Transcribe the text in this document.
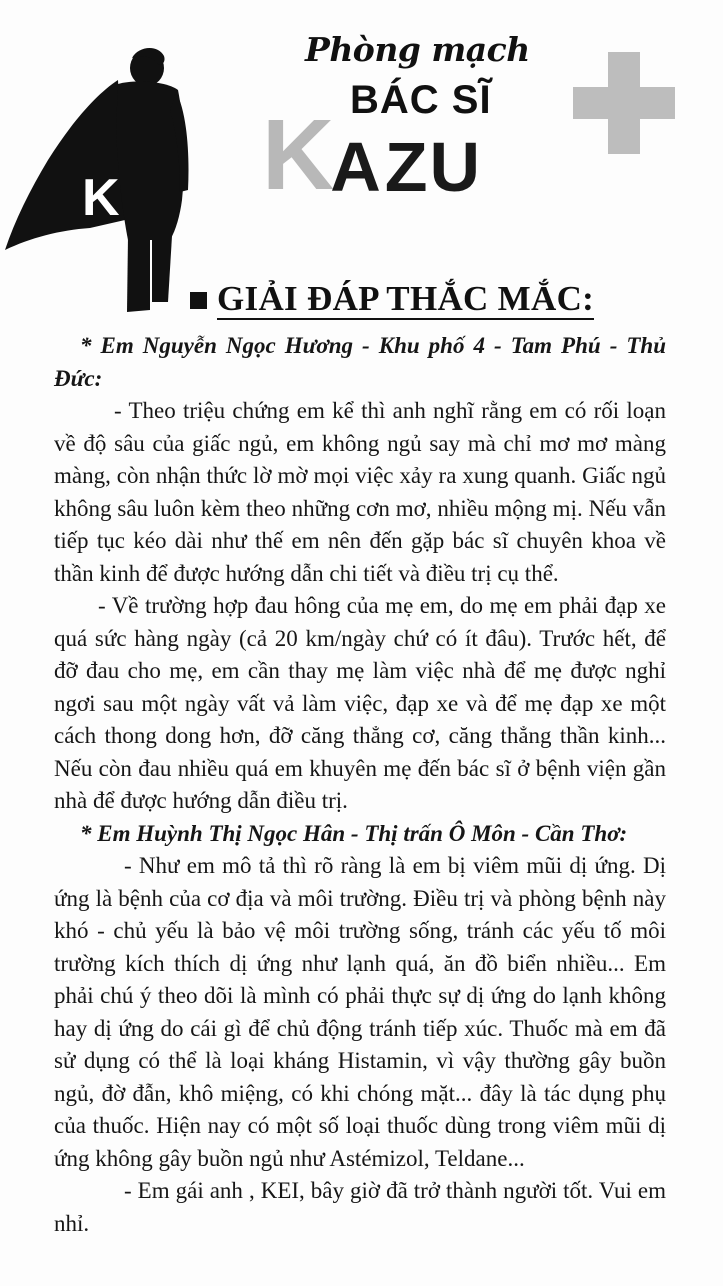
K
Phòng mạch
BÁC SĨ
K
A ZU
GIẢI ĐÁP THẮC MẮC:

* Em Nguyễn Ngọc Hương - Khu phố 4 - Tam Phú - Thủ Đức:

- Theo triệu chứng em kể thì anh nghĩ rằng em có rối loạn về độ sâu của giấc ngủ, em không ngủ say mà chỉ mơ mơ màng màng, còn nhận thức lờ mờ mọi việc xảy ra xung quanh. Giấc ngủ không sâu luôn kèm theo những cơn mơ, nhiều mộng mị. Nếu vẫn tiếp tục kéo dài như thế em nên đến gặp bác sĩ chuyên khoa về thần kinh để được hướng dẫn chi tiết và điều trị cụ thể.

- Về trường hợp đau hông của mẹ em, do mẹ em phải đạp xe quá sức hàng ngày (cả 20 km/ngày chứ có ít đâu). Trước hết, để đỡ đau cho mẹ, em cần thay mẹ làm việc nhà để mẹ được nghỉ ngơi sau một ngày vất vả làm việc, đạp xe và để mẹ đạp xe một cách thong dong hơn, đỡ căng thẳng cơ, căng thẳng thần kinh... Nếu còn đau nhiều quá em khuyên mẹ đến bác sĩ ở bệnh viện gần nhà để được hướng dẫn điều trị.

* Em Huỳnh Thị Ngọc Hân - Thị trấn Ô Môn - Cần Thơ:

- Như em mô tả thì rõ ràng là em bị viêm mũi dị ứng. Dị ứng là bệnh của cơ địa và môi trường. Điều trị và phòng bệnh này khó - chủ yếu là bảo vệ môi trường sống, tránh các yếu tố môi trường kích thích dị ứng như lạnh quá, ăn đồ biển nhiều... Em phải chú ý theo dõi là mình có phải thực sự dị ứng do lạnh không hay dị ứng do cái gì để chủ động tránh tiếp xúc. Thuốc mà em đã sử dụng có thể là loại kháng Histamin, vì vậy thường gây buồn ngủ, đờ đẫn, khô miệng, có khi chóng mặt... đây là tác dụng phụ của thuốc. Hiện nay có một số loại thuốc dùng trong viêm mũi dị ứng không gây buồn ngủ như Astémizol, Teldane...

- Em gái anh , KEI, bây giờ đã trở thành người tốt. Vui em nhỉ.
